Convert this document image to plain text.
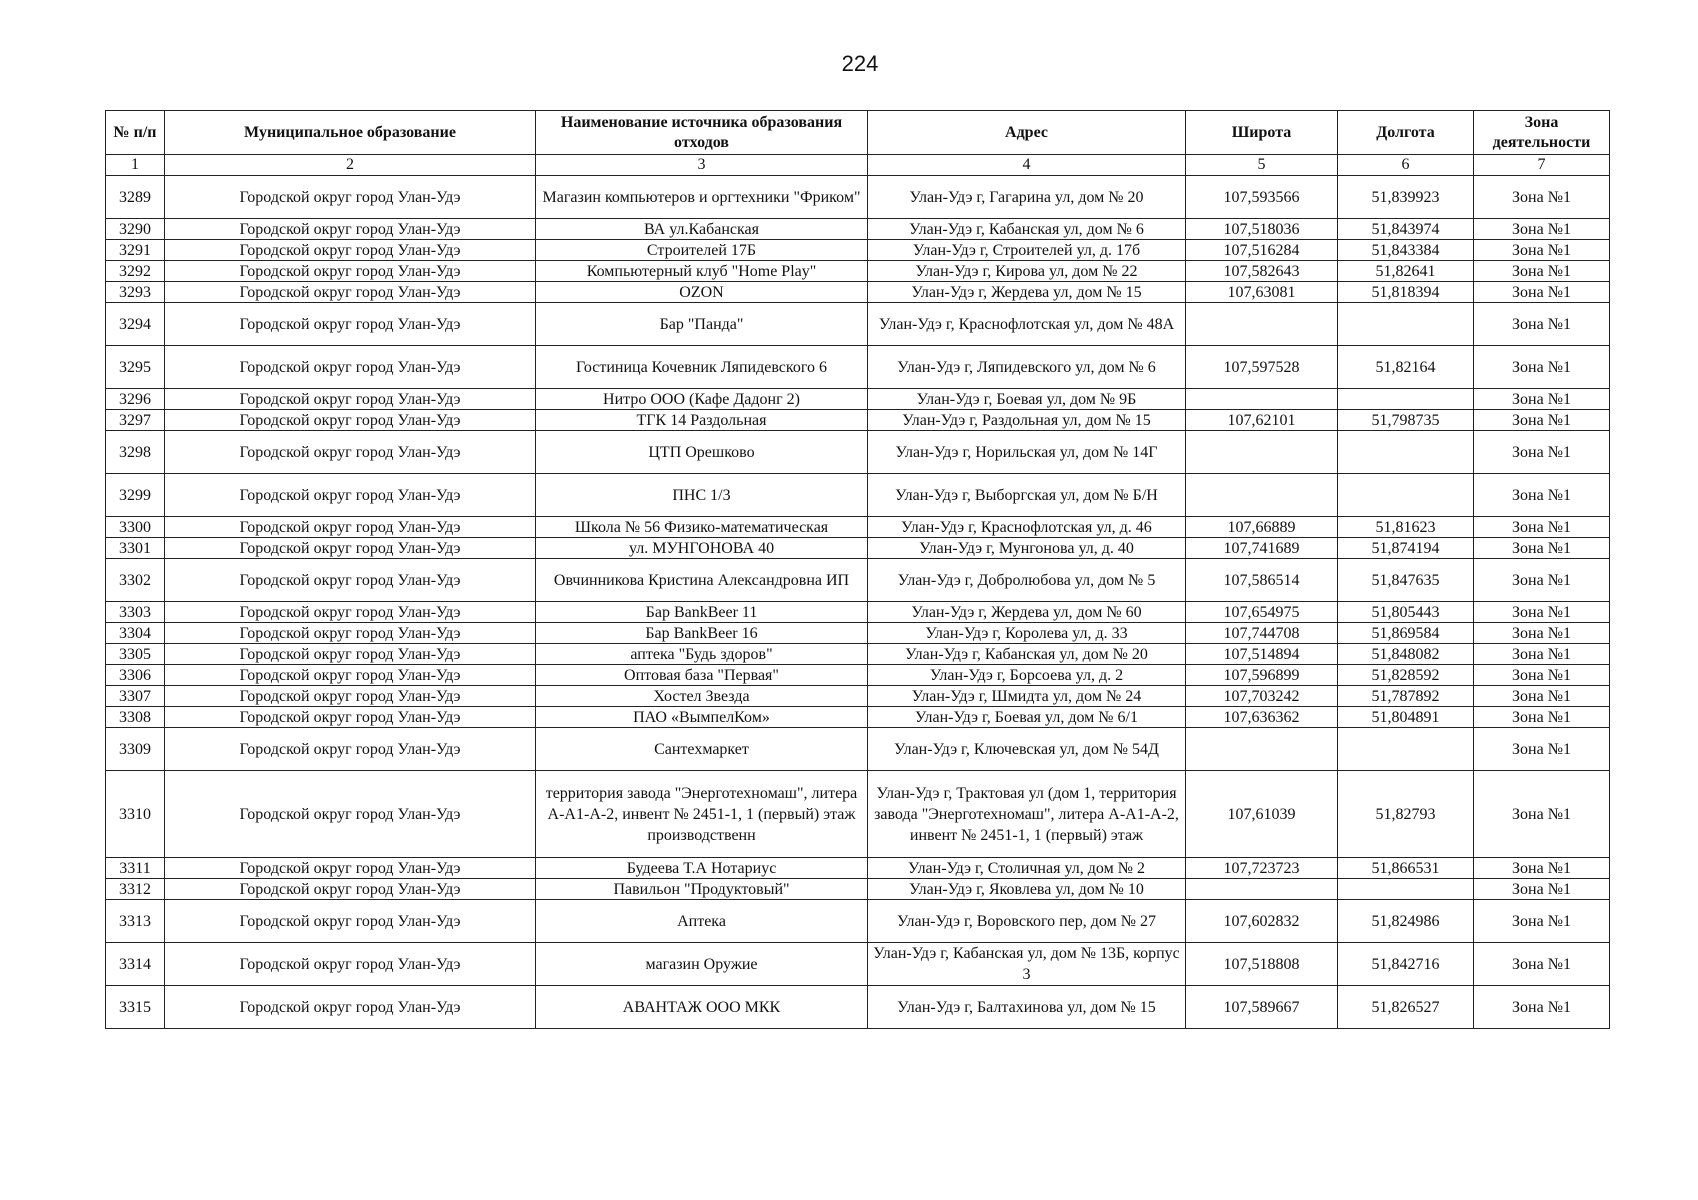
224
№ п/п	Муниципальное образование	Наименование источника образования отходов	Адрес	Широта	Долгота	Зона деятельности
1	2	3	4	5	6	7
3289	Городской округ город Улан-Удэ	Магазин компьютеров и оргтехники "Фриком"	Улан-Удэ г, Гагарина ул, дом № 20	107,593566	51,839923	Зона №1
3290	Городской округ город Улан-Удэ	ВА ул.Кабанская	Улан-Удэ г, Кабанская ул, дом № 6	107,518036	51,843974	Зона №1
3291	Городской округ город Улан-Удэ	Строителей 17Б	Улан-Удэ г, Строителей ул, д. 17б	107,516284	51,843384	Зона №1
3292	Городской округ город Улан-Удэ	Компьютерный клуб "Home Play"	Улан-Удэ г, Кирова ул, дом № 22	107,582643	51,82641	Зона №1
3293	Городской округ город Улан-Удэ	OZON	Улан-Удэ г, Жердева ул, дом № 15	107,63081	51,818394	Зона №1
3294	Городской округ город Улан-Удэ	Бар "Панда"	Улан-Удэ г, Краснофлотская ул, дом № 48А			Зона №1
3295	Городской округ город Улан-Удэ	Гостиница Кочевник Ляпидевского 6	Улан-Удэ г, Ляпидевского ул, дом № 6	107,597528	51,82164	Зона №1
3296	Городской округ город Улан-Удэ	Нитро ООО (Кафе Дадонг 2)	Улан-Удэ г, Боевая ул, дом № 9Б			Зона №1
3297	Городской округ город Улан-Удэ	ТГК 14 Раздольная	Улан-Удэ г, Раздольная ул, дом № 15	107,62101	51,798735	Зона №1
3298	Городской округ город Улан-Удэ	ЦТП Орешково	Улан-Удэ г, Норильская ул, дом № 14Г			Зона №1
3299	Городской округ город Улан-Удэ	ПНС 1/3	Улан-Удэ г, Выборгская ул, дом № Б/Н			Зона №1
3300	Городской округ город Улан-Удэ	Школа № 56 Физико-математическая	Улан-Удэ г, Краснофлотская ул, д. 46	107,66889	51,81623	Зона №1
3301	Городской округ город Улан-Удэ	ул. МУНГОНОВА 40	Улан-Удэ г, Мунгонова ул, д. 40	107,741689	51,874194	Зона №1
3302	Городской округ город Улан-Удэ	Овчинникова Кристина Александровна ИП	Улан-Удэ г, Добролюбова ул, дом № 5	107,586514	51,847635	Зона №1
3303	Городской округ город Улан-Удэ	Бар BankBeer 11	Улан-Удэ г, Жердева ул, дом № 60	107,654975	51,805443	Зона №1
3304	Городской округ город Улан-Удэ	Бар BankBeer 16	Улан-Удэ г, Королева ул, д. 33	107,744708	51,869584	Зона №1
3305	Городской округ город Улан-Удэ	аптека "Будь здоров"	Улан-Удэ г, Кабанская ул, дом № 20	107,514894	51,848082	Зона №1
3306	Городской округ город Улан-Удэ	Оптовая база "Первая"	Улан-Удэ г, Борсоева ул, д. 2	107,596899	51,828592	Зона №1
3307	Городской округ город Улан-Удэ	Хостел Звезда	Улан-Удэ г, Шмидта ул, дом № 24	107,703242	51,787892	Зона №1
3308	Городской округ город Улан-Удэ	ПАО «ВымпелКом»	Улан-Удэ г, Боевая ул, дом № 6/1	107,636362	51,804891	Зона №1
3309	Городской округ город Улан-Удэ	Сантехмаркет	Улан-Удэ г, Ключевская ул, дом № 54Д			Зона №1
3310	Городской округ город Улан-Удэ	территория завода "Энерготехномаш", литера А-А1-А-2, инвент № 2451-1, 1 (первый) этаж производственн	Улан-Удэ г, Трактовая ул (дом 1, территория завода "Энерготехномаш", литера А-А1-А-2, инвент № 2451-1, 1 (первый) этаж	107,61039	51,82793	Зона №1
3311	Городской округ город Улан-Удэ	Будеева Т.А Нотариус	Улан-Удэ г, Столичная ул, дом № 2	107,723723	51,866531	Зона №1
3312	Городской округ город Улан-Удэ	Павильон "Продуктовый"	Улан-Удэ г, Яковлева ул, дом № 10			Зона №1
3313	Городской округ город Улан-Удэ	Аптека	Улан-Удэ г, Воровского пер, дом № 27	107,602832	51,824986	Зона №1
3314	Городской округ город Улан-Удэ	магазин Оружие	Улан-Удэ г, Кабанская ул, дом № 13Б, корпус 3	107,518808	51,842716	Зона №1
3315	Городской округ город Улан-Удэ	АВАНТАЖ ООО МКК	Улан-Удэ г, Балтахинова ул, дом № 15	107,589667	51,826527	Зона №1
